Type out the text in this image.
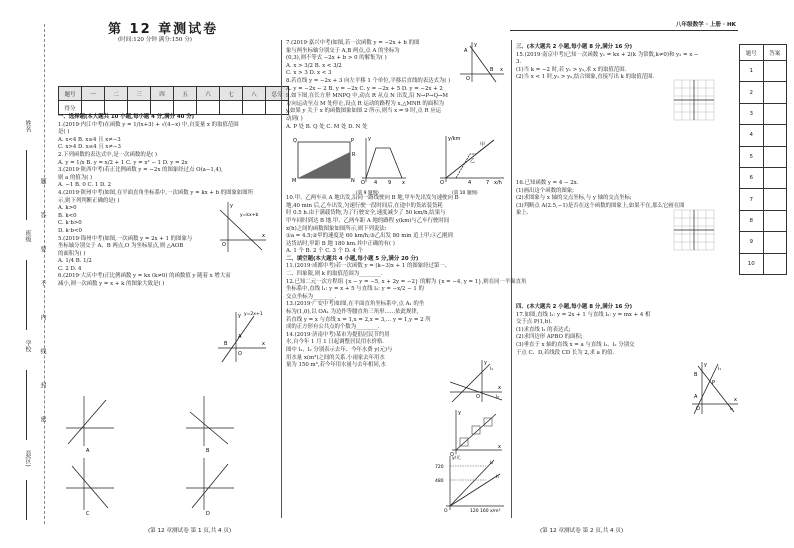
八年级数学 · 上册 · HK
姓名
班级
学校
县(区)
题
答
要
不
内
线
封
密
第 12 章测试卷
(时间:120 分钟 满分:150 分)
题号	一	二	三	四	五	六	七	八	总分
得分									
一、选择题(本大题共 10 小题,每小题 4 分,满分 40 分)
1.(2019·内江中考)在函数 y = 1/(x+3) + √(4−x) 中,自变量 x 的取值范围
是( )
A. x<4 B. x≥4 且 x≠−3
C. x>4 D. x≤4 且 x≠−3
2.下列函数的表达式中,是一次函数的是( )
A. y = 1/x B. y = x/2 + 1 C. y = x² − 1 D. y = 2x
3.(2019·陕西中考)若正比例函数 y = −2x 的图象经过点 O(a−1,4),
则 a 的值为( )
A. −1 B. 0 C. 1 D. 2
4.(2019·陕州中考)如图,在平面直角坐标系中,一次函数 y = kx + b 的图象如图所
示,则下列判断正确的是( )
A. k>0
B. k<0
C. k·b>0
D. k·b<0
5.(2019·锦州中考)如图,一次函数 y = 2x + 1 的图象与
坐标轴分别交于 A、B 两点,O 为坐标原点,则 △AOB
的面积为( )
A. 1/4 B. 1/2
C. 2 D. 4
6.(2019·大庆中考)正比例函数 y = kx (k≠0) 的函数值 y 随着 x 增大而
减小,则一次函数 y = x + k 的图象大致是( )
y
O
x
y=kx+b
y
A
B
O
x
y=2x+1
A	B
C	D
7.(2019·嘉兴中考)如图,若一次函数 y = −2x + b 的图
象与两坐标轴分别交于 A,B 两点,点 A 的坐标为
(0,3),则不等式 −2x + b > 0 的解集为( )
A. x > 3/2 B. x < 3/2
C. x > 3 D. x < 3
8.若直线 y = −2x + 3 向左平移 1 个单位,平移后直线的表达式为( )
A. y = −2x − 2 B. y = −2x C. y = −2x + 5 D. y = −2x + 2
9.如下图,在长方形 MNPQ 中,动点 R 从点 N 出发,沿 N→P→Q→M
方向运动至点 M 处停止,设点 R 运动的路程为 x,△MNR 的面积为
y,如果 y 关于 x 的函数图象如图 2 所示,则当 x = 9 时,点 R 应运
动到( )
A. P 处 B. Q 处 C. M 处 D. N 处
10.甲、乙两车从 A 地出发,沿同一路线驶向 B 地,甲车先出发匀速驶向 B
地,40 min 后,乙车出发,匀速行驶一段时间后,在途中的货站装货耗
时 0.5 h.由于满载货物,为了行驶安全,速度减少了 50 km/h,结果与
甲车同时到达 B 地.甲、乙两车距 A 地的路程 y(km)与乙车行驶时间
x(h)之间的函数图象如图所示,则下列说法:
①a = 4.5;②甲的速度是 60 km/h;③乙出发 80 min 追上甲;④乙刚到
达货站时,甲距 B 地 180 km.其中正确的有( )
A. 1 个 B. 2 个 C. 3 个 D. 4 个
二、填空题(本大题共 4 小题,每小题 5 分,满分 20 分)
11.(2019·成都中考)若一次函数 y = (k−3)x + 1 的图象经过第一、
二、四象限,则 k 的取值范围为________.
12.已知二元一次方程组 {x − y = −5, x + 2y = −2} 的解为 {x = −4, y = 1},则在同一平面直角
坐标系中,直线 l₁: y = x + 5 与直线 l₂: y = −x/2 − 1 的
交点坐标为________.
13.(2019·广安中考)如图,在平面直角坐标系中,点 A₁ 的坐
标为(1,0),以 OA₁ 为边作等腰直角三角形……依此规律,
若直线 y = x 与直线 x = 1,x = 2,x = 3,… y = 1,y = 2 所
成的正方形有公共点的个数为________.
14.(2019·济南中考)某市为提倡居民节约用
水,自今年 1 月 1 日起调整居民用水价格.
图中 l₁、l₂ 分别表示去年、今年水费 y(元)与
用水量 x(m³)之间的关系.小雨家去年用水
量为 150 m³,若今年用水量与去年相同,水
y
A
B
O
x
Q	P
M	N
R
y
O 4 9 x
(第 9 题图)
y/km
甲
乙
O	4	7 x/h
(第 10 题图)
y
l₁
l₂
O
x
y
O
x
y/元
720
480
O	120 160 x/m³
l₂
l₁
三、(本大题共 2 小题,每小题 8 分,满分 16 分)
15.(2019·南京中考)已知一次函数 y₁ = kx + 2(k 为常数,k≠0)和 y₂ = x −
3.
(1)当 k = −2 时,若 y₁ > y₂,求 x 的取值范围.
(2)当 x < 1 时,y₁ > y₂,结合图象,直接写出 k 的取值范围.
16.已知函数 y = 4 − 2x.
(1)画出这个函数的图象;
(2)求图象与 x 轴的交点坐标,与 y 轴的交点坐标;
(3)判断点 A(2.5,−1)是否在这个函数的图象上,如果不在,那么它画在图
象上.
四、(本大题共 2 小题,每小题 8 分,满分 16 分)
17.如图,直线 l₁: y = 2x + 1 与直线 l₂: y = mx + 4 相
交于点 P(1,b).
(1)求直线 l₂ 的表达式;
(2)求四边形 APBO 的面积;
(3)垂直于 x 轴的直线 x = a 与直线 l₁、l₂ 分别交
于点 C、D,若线段 CD 长为 2,求 a 的值.
y
l₁
l₂
P
A
B
O
x
题号	答案
1	
2	
3	
4	
5	
6	
7	
8	
9	
10	
(第 12 章测试卷 第 1 页,共 4 页)	(第 12 章测试卷 第 2 页,共 4 页)
